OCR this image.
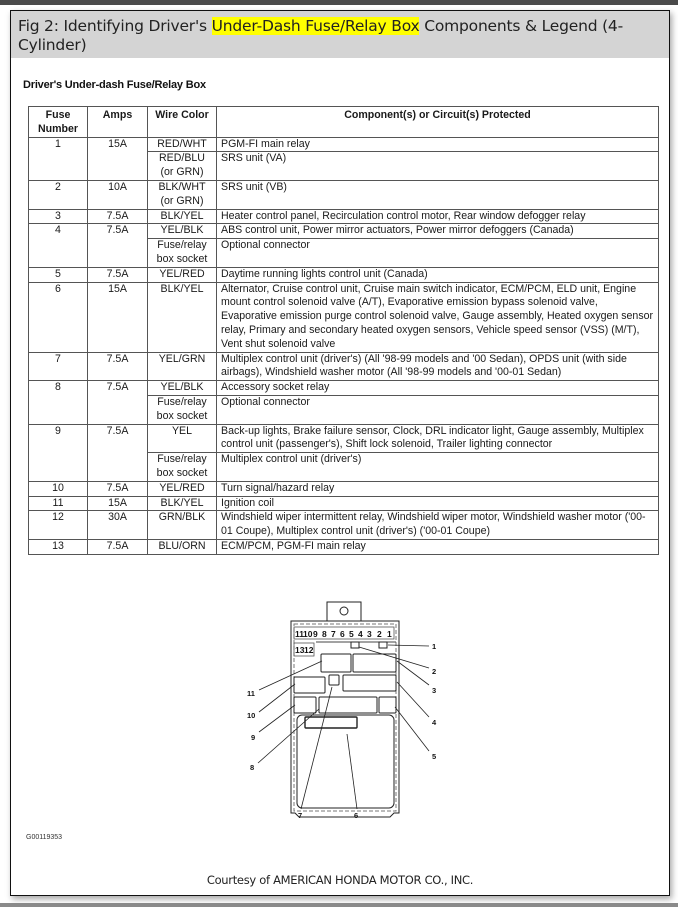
Fig 2: Identifying Driver's Under-Dash Fuse/Relay Box Components & Legend (4-Cylinder)
Driver's Under-dash Fuse/Relay Box
Fuse Number	Amps	Wire Color	Component(s) or Circuit(s) Protected
1	15A	RED/WHT	PGM-FI main relay
		RED/BLU (or GRN)	SRS unit (VA)
2	10A	BLK/WHT (or GRN)	SRS unit (VB)
3	7.5A	BLK/YEL	Heater control panel, Recirculation control motor, Rear window defogger relay
4	7.5A	YEL/BLK	ABS control unit, Power mirror actuators, Power mirror defoggers (Canada)
		Fuse/relay box socket	Optional connector
5	7.5A	YEL/RED	Daytime running lights control unit (Canada)
6	15A	BLK/YEL	Alternator, Cruise control unit, Cruise main switch indicator, ECM/PCM, ELD unit, Engine mount control solenoid valve (A/T), Evaporative emission bypass solenoid valve, Evaporative emission purge control solenoid valve, Gauge assembly, Heated oxygen sensor relay, Primary and secondary heated oxygen sensors, Vehicle speed sensor (VSS) (M/T), Vent shut solenoid valve
7	7.5A	YEL/GRN	Multiplex control unit (driver's) (All '98-99 models and '00 Sedan), OPDS unit (with side airbags), Windshield washer motor (All '98-99 models and '00-01 Sedan)
8	7.5A	YEL/BLK	Accessory socket relay
		Fuse/relay box socket	Optional connector
9	7.5A	YEL	Back-up lights, Brake failure sensor, Clock, DRL indicator light, Gauge assembly, Multiplex control unit (passenger's), Shift lock solenoid, Trailer lighting connector
		Fuse/relay box socket	Multiplex control unit (driver's)
10	7.5A	YEL/RED	Turn signal/hazard relay
11	15A	BLK/YEL	Ignition coil
12	30A	GRN/BLK	Windshield wiper intermittent relay, Windshield wiper motor, Windshield washer motor ('00-01 Coupe), Multiplex control unit (driver's) ('00-01 Coupe)
13	7.5A	BLU/ORN	ECM/PCM, PGM-FI main relay
11 10 9 8 7 6 5 4 3 2 1
13 12	1
2
3
4
5
6
7
8
9
10
11
G00119353
Courtesy of AMERICAN HONDA MOTOR CO., INC.
